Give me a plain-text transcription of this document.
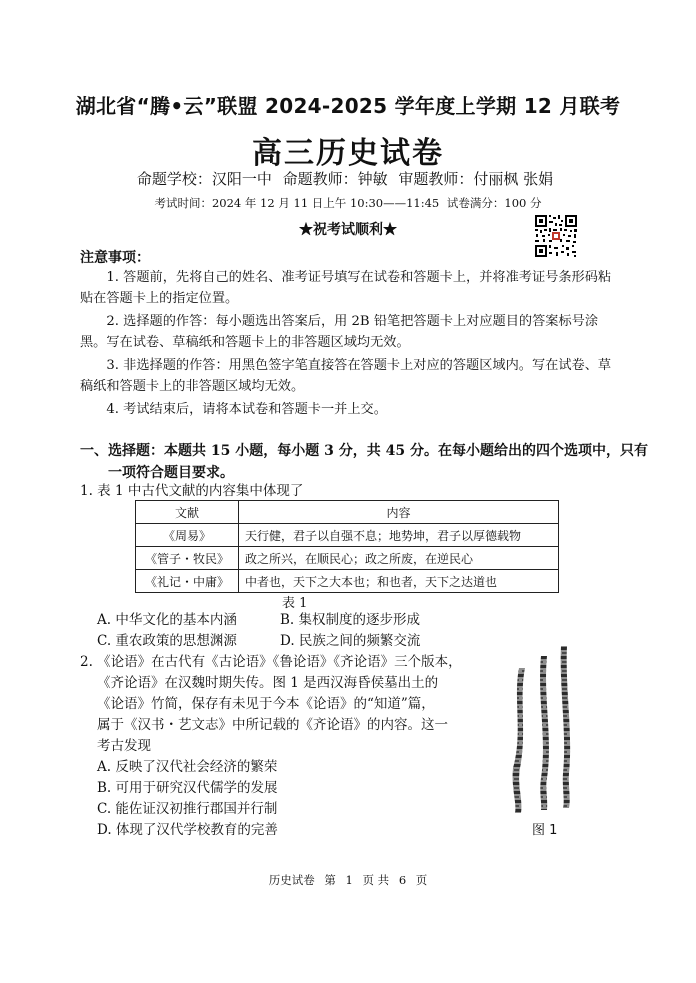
湖北省“腾•云”联盟 2024-2025 学年度上学期 12 月联考
高三历史试卷
命题学校：汉阳一中 命题教师：钟敏 审题教师：付丽枫 张娟
考试时间：2024 年 12 月 11 日上午 10:30——11:45 试卷满分：100 分
★祝考试顺利★
注意事项：
1. 答题前，先将自己的姓名、准考证号填写在试卷和答题卡上，并将准考证号条形码粘贴在答题卡上的指定位置。
2. 选择题的作答：每小题选出答案后，用 2B 铅笔把答题卡上对应题目的答案标号涂黑。写在试卷、草稿纸和答题卡上的非答题区域均无效。
3. 非选择题的作答：用黑色签字笔直接答在答题卡上对应的答题区域内。写在试卷、草稿纸和答题卡上的非答题区域均无效。
4. 考试结束后，请将本试卷和答题卡一并上交。
一、选择题：本题共 15 小题，每小题 3 分，共 45 分。在每小题给出的四个选项中，只有一项符合题目要求。
1. 表 1 中古代文献的内容集中体现了
文献	内容
《周易》	天行健，君子以自强不息；地势坤，君子以厚德载物
《管子・牧民》	政之所兴，在顺民心；政之所废，在逆民心
《礼记・中庸》	中者也，天下之大本也；和也者，天下之达道也
表 1
A. 中华文化的基本内涵	B. 集权制度的逐步形成
C. 重农政策的思想渊源	D. 民族之间的频繁交流
2. 《论语》在古代有《古论语》《鲁论语》《齐论语》三个版本，
《齐论语》在汉魏时期失传。图 1 是西汉海昏侯墓出土的
《论语》竹简，保存有未见于今本《论语》的“知道”篇，
属于《汉书・艺文志》中所记载的《齐论语》的内容。这一
考古发现
A. 反映了汉代社会经济的繁荣
B. 可用于研究汉代儒学的发展
C. 能佐证汉初推行郡国并行制
D. 体现了汉代学校教育的完善	图 1
历史试卷 第 1 页 共 6 页
